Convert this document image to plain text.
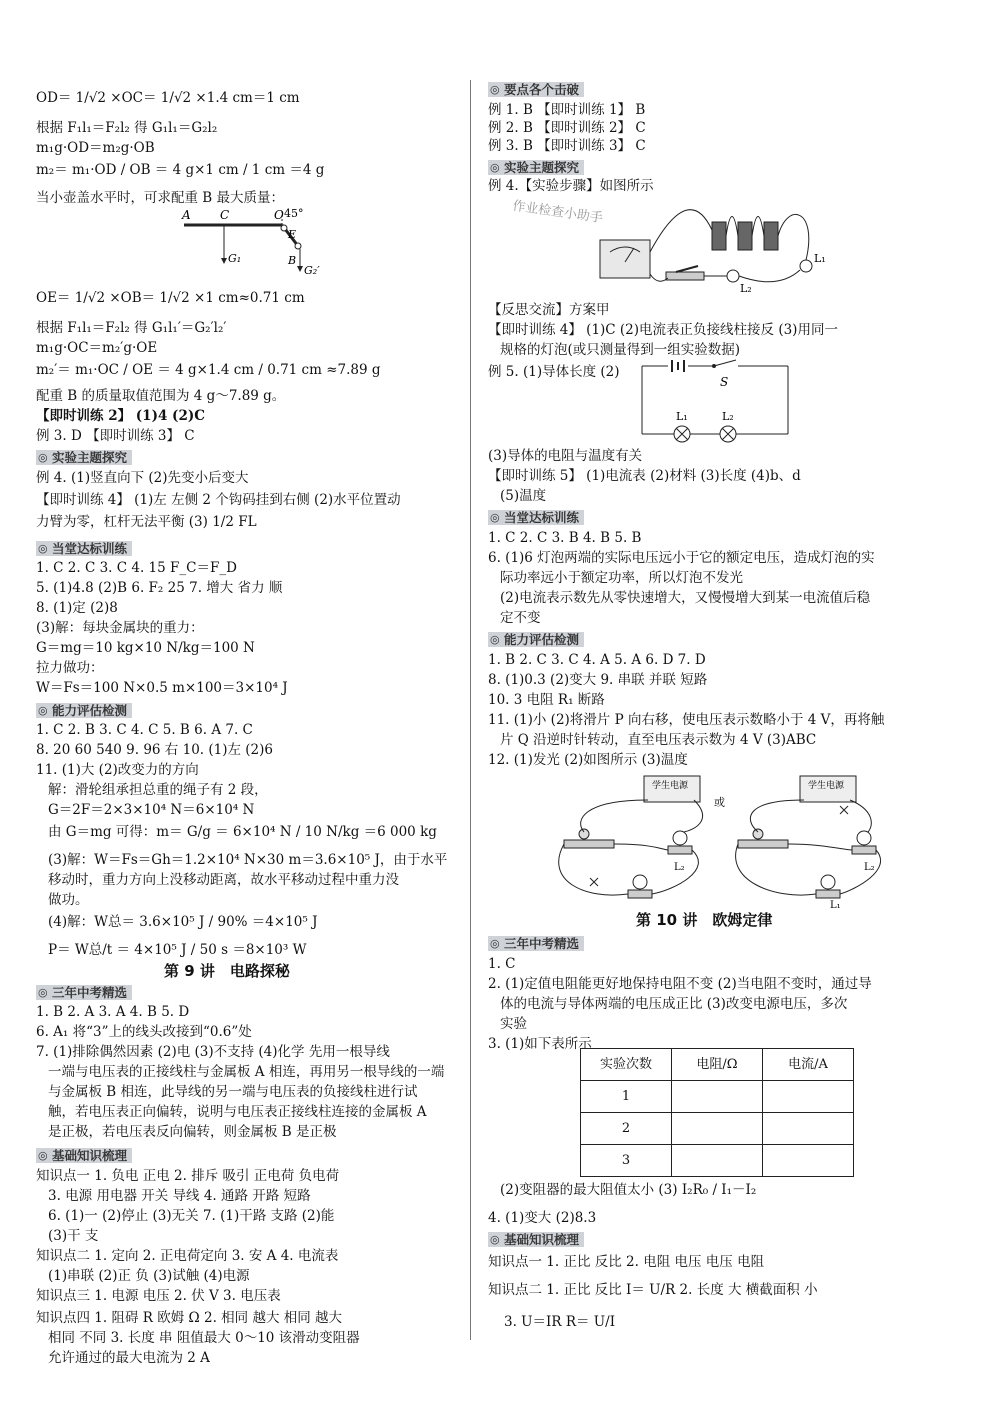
OD＝ 1/√2 ×OC＝ 1/√2 ×1.4 cm＝1 cm
根据 F₁l₁＝F₂l₂ 得 G₁l₁＝G₂l₂
m₁g·OD＝m₂g·OB
m₂＝ m₁·OD / OB ＝ 4 g×1 cm / 1 cm ＝4 g
当小壶盖水平时，可求配重 B 最大质量：
A C	O 45°
E
G₁	B
G₂′
OE＝ 1/√2 ×OB＝ 1/√2 ×1 cm≈0.71 cm
根据 F₁l₁＝F₂l₂ 得 G₁l₁′＝G₂′l₂′
m₁g·OC＝m₂′g·OE
m₂′＝ m₁·OC / OE ＝ 4 g×1.4 cm / 0.71 cm ≈7.89 g
配重 B 的质量取值范围为 4 g～7.89 g。
【即时训练 2】 (1)4 (2)C
例 3. D 【即时训练 3】 C
◎ 实验主题探究
例 4. (1)竖直向下 (2)先变小后变大
【即时训练 4】 (1)左 左侧 2 个钩码挂到右侧 (2)水平位置动
力臂为零，杠杆无法平衡 (3) 1/2 FL
◎ 当堂达标训练
1. C 2. C 3. C 4. 15 F_C＝F_D
5. (1)4.8 (2)B 6. F₂ 25 7. 增大 省力 顺
8. (1)定 (2)8
(3)解：每块金属块的重力：
G＝mg＝10 kg×10 N/kg＝100 N
拉力做功：
W＝Fs＝100 N×0.5 m×100＝3×10⁴ J
◎ 能力评估检测
1. C 2. B 3. C 4. C 5. B 6. A 7. C
8. 20 60 540 9. 96 右 10. (1)左 (2)6
11. (1)大 (2)改变力的方向
解：滑轮组承担总重的绳子有 2 段，
G＝2F＝2×3×10⁴ N＝6×10⁴ N
由 G＝mg 可得：m＝ G/g ＝ 6×10⁴ N / 10 N/kg ＝6 000 kg
(3)解：W＝Fs＝Gh＝1.2×10⁴ N×30 m＝3.6×10⁵ J，由于水平
移动时，重力方向上没移动距离，故水平移动过程中重力没
做功。
(4)解：W总＝ 3.6×10⁵ J / 90% ＝4×10⁵ J
P＝ W总/t ＝ 4×10⁵ J / 50 s ＝8×10³ W
第 9 讲　电路探秘
◎ 三年中考精选
1. B 2. A 3. A 4. B 5. D
6. A₁ 将“3”上的线头改接到“0.6”处
7. (1)排除偶然因素 (2)电 (3)不支持 (4)化学 先用一根导线
一端与电压表的正接线柱与金属板 A 相连，再用另一根导线的一端
与金属板 B 相连，此导线的另一端与电压表的负接线柱进行试
触，若电压表正向偏转，说明与电压表正接线柱连接的金属板 A
是正极，若电压表反向偏转，则金属板 B 是正极
◎ 基础知识梳理
知识点一 1. 负电 正电 2. 排斥 吸引 正电荷 负电荷
3. 电源 用电器 开关 导线 4. 通路 开路 短路
6. (1)一 (2)停止 (3)无关 7. (1)干路 支路 (2)能
(3)干 支
知识点二 1. 定向 2. 正电荷定向 3. 安 A 4. 电流表
(1)串联 (2)正 负 (3)试触 (4)电源
知识点三 1. 电源 电压 2. 伏 V 3. 电压表
知识点四 1. 阻碍 R 欧姆 Ω 2. 相同 越大 相同 越大
相同 不同 3. 长度 串 阻值最大 0～10 该滑动变阻器
允许通过的最大电流为 2 A
◎ 要点各个击破
例 1. B 【即时训练 1】 B
例 2. B 【即时训练 2】 C
例 3. B 【即时训练 3】 C
◎ 实验主题探究
例 4.【实验步骤】如图所示
作业检查小助手
L₁
L₂
【反思交流】方案甲
【即时训练 4】 (1)C (2)电流表正负接线柱接反 (3)用同一
规格的灯泡(或只测量得到一组实验数据)
例 5. (1)导体长度 (2)
S
L₁	L₂
(3)导体的电阻与温度有关
【即时训练 5】 (1)电流表 (2)材料 (3)长度 (4)b、d
(5)温度
◎ 当堂达标训练
1. C 2. C 3. B 4. B 5. B
6. (1)6 灯泡两端的实际电压远小于它的额定电压，造成灯泡的实
际功率远小于额定功率，所以灯泡不发光
(2)电流表示数先从零快速增大，又慢慢增大到某一电流值后稳
定不变
◎ 能力评估检测
1. B 2. C 3. C 4. A 5. A 6. D 7. D
8. (1)0.3 (2)变大 9. 串联 并联 短路
10. 3 电阻 R₁ 断路
11. (1)小 (2)将滑片 P 向右移，使电压表示数略小于 4 V，再将触
片 Q 沿逆时针转动，直至电压表示数为 4 V (3)ABC
12. (1)发光 (2)如图所示 (3)温度
学生电源
L₂
或
学生电源
L₂
L₁
第 10 讲　欧姆定律
◎ 三年中考精选
1. C
2. (1)定值电阻能更好地保持电阻不变 (2)当电阻不变时，通过导
体的电流与导体两端的电压成正比 (3)改变电源电压，多次
实验
3. (1)如下表所示
实验次数	电阻/Ω	电流/A
1		
2		
3		
(2)变阻器的最大阻值太小 (3) I₂R₀ / I₁－I₂
4. (1)变大 (2)8.3
◎ 基础知识梳理
知识点一 1. 正比 反比 2. 电阻 电压 电压 电阻
知识点二 1. 正比 反比 I＝ U/R 2. 长度 大 横截面积 小
3. U＝IR R＝ U/I
